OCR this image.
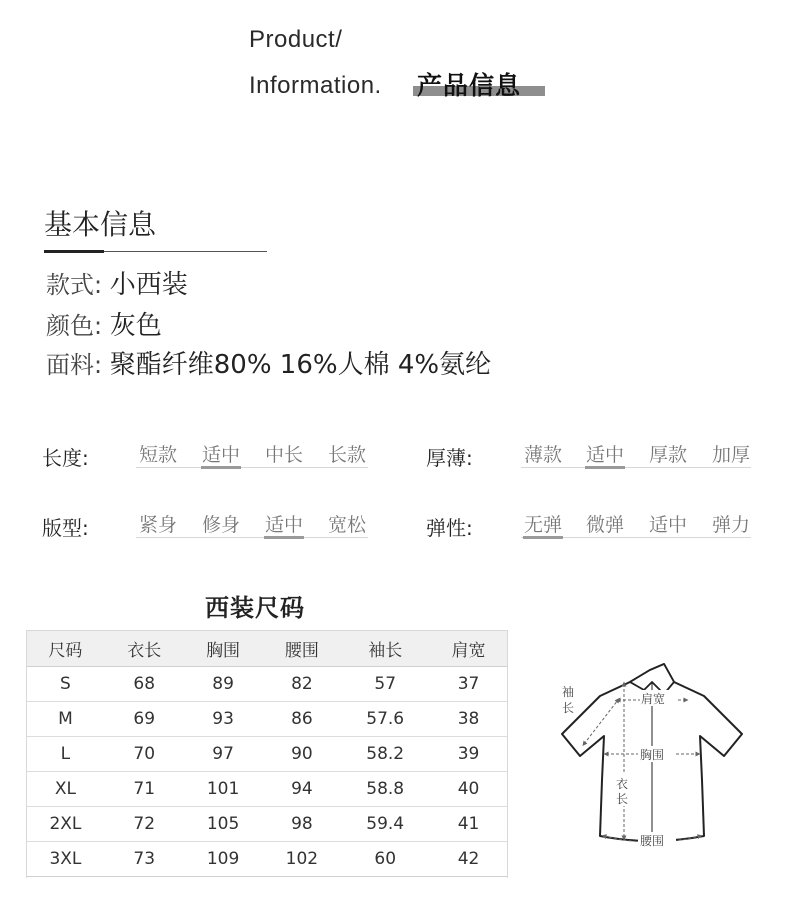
Product/
Information. 产品信息
基本信息
款式: 小西装
颜色: 灰色
面料: 聚酯纤维80% 16%人棉 4%氨纶
长度:	短款 适中 中长 长款	厚薄:	薄款 适中 厚款 加厚
版型:	紧身 修身 适中 宽松	弹性:	无弹 微弹 适中 弹力
西装尺码
尺码	衣长	胸围	腰围	袖长	肩宽
S	68	89	82	57	37
M	69	93	86	57.6	38
L	70	97	90	58.2	39
XL	71	101	94	58.8	40
2XL	72	105	98	59.4	41
3XL	73	109	102	60	42
肩宽
袖
长
胸围
衣
长
腰围
